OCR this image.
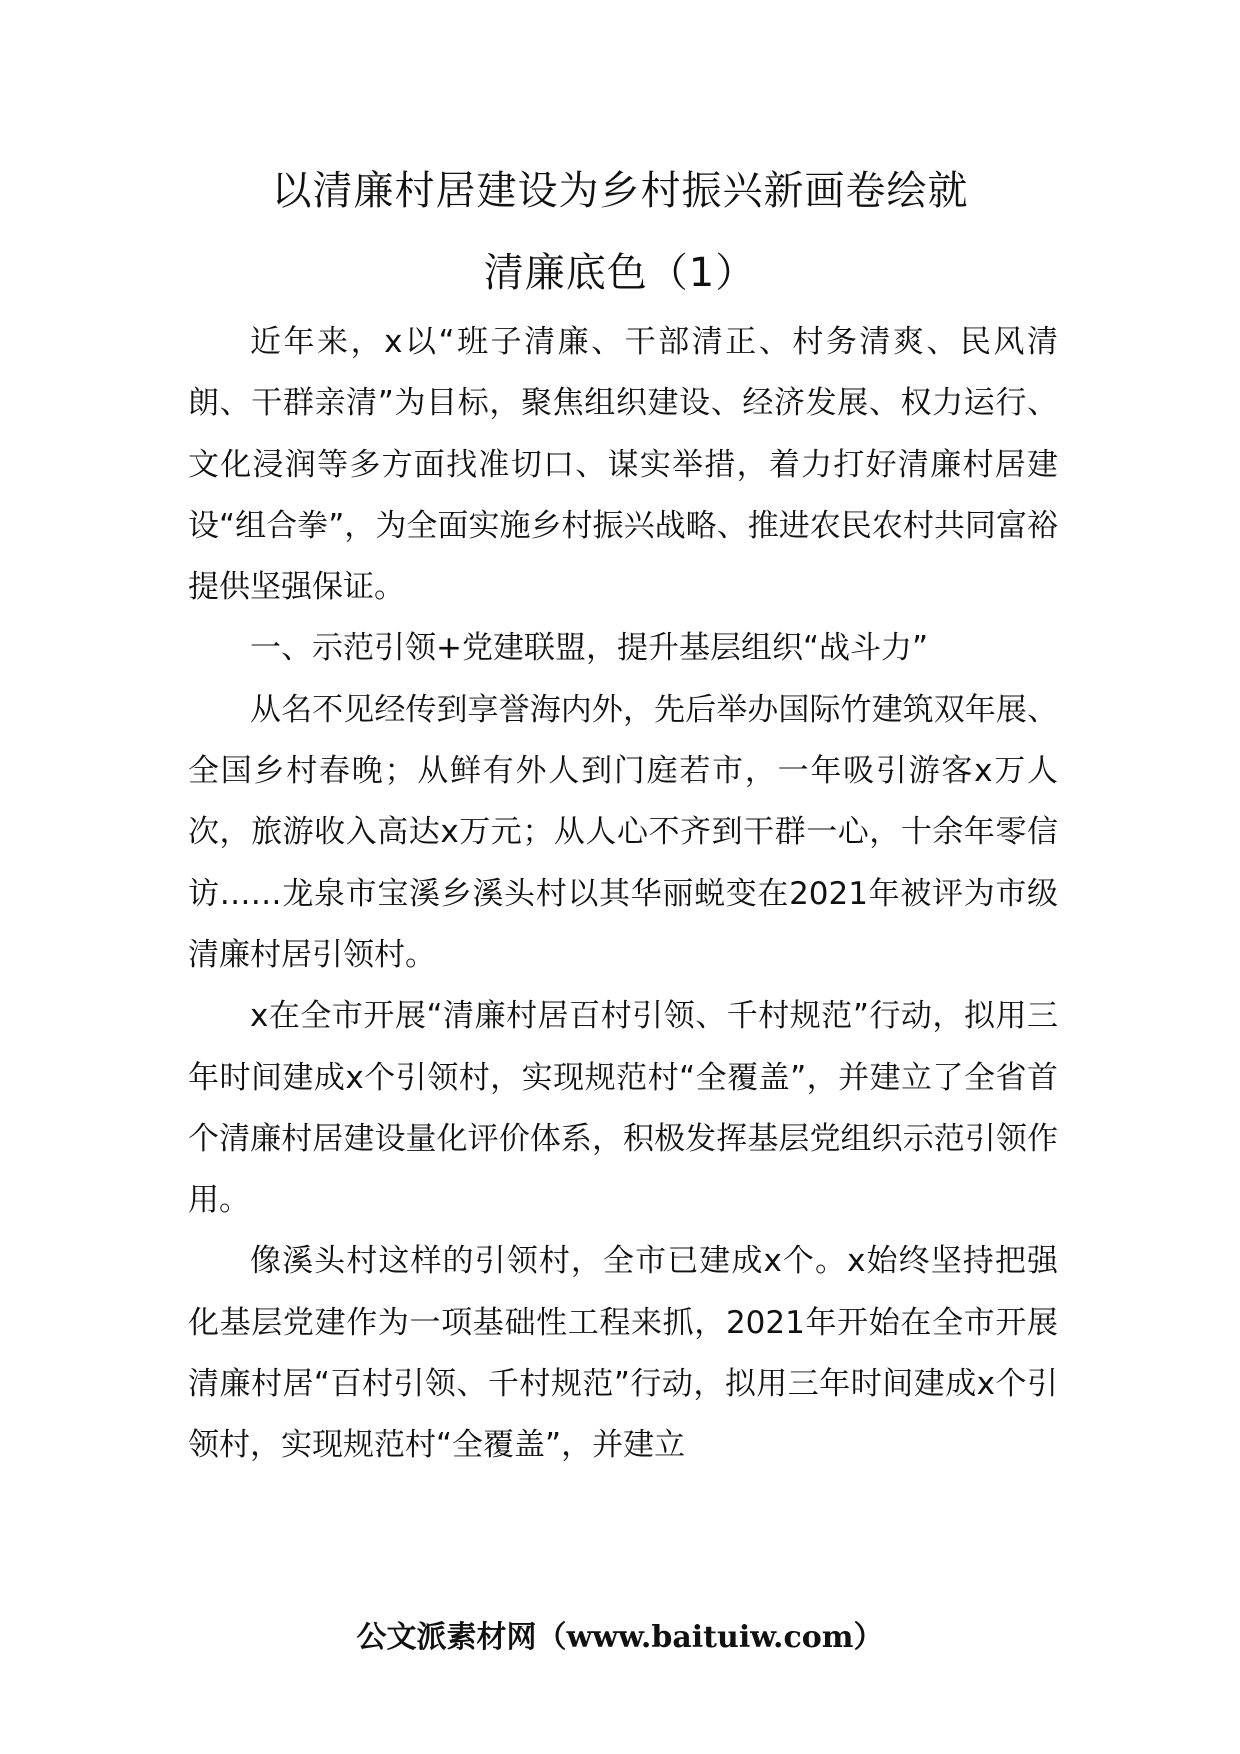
以清廉村居建设为乡村振兴新画卷绘就
清廉底色（1）

近年来，x以“班子清廉、干部清正、村务清爽、民风清朗、干群亲清”为目标，聚焦组织建设、经济发展、权力运行、文化浸润等多方面找准切口、谋实举措，着力打好清廉村居建设“组合拳”，为全面实施乡村振兴战略、推进农民农村共同富裕提供坚强保证。

一、示范引领+党建联盟，提升基层组织“战斗力”

从名不见经传到享誉海内外，先后举办国际竹建筑双年展、全国乡村春晚；从鲜有外人到门庭若市，一年吸引游客x万人次，旅游收入高达x万元；从人心不齐到干群一心，十余年零信访……龙泉市宝溪乡溪头村以其华丽蜕变在2021年被评为市级清廉村居引领村。

x在全市开展“清廉村居百村引领、千村规范”行动，拟用三年时间建成x个引领村，实现规范村“全覆盖”，并建立了全省首个清廉村居建设量化评价体系，积极发挥基层党组织示范引领作用。

像溪头村这样的引领村，全市已建成x个。x始终坚持把强化基层党建作为一项基础性工程来抓，2021年开始在全市开展清廉村居“百村引领、千村规范”行动，拟用三年时间建成x个引领村，实现规范村“全覆盖”，并建立

公文派素材网（www.baituiw.com）
